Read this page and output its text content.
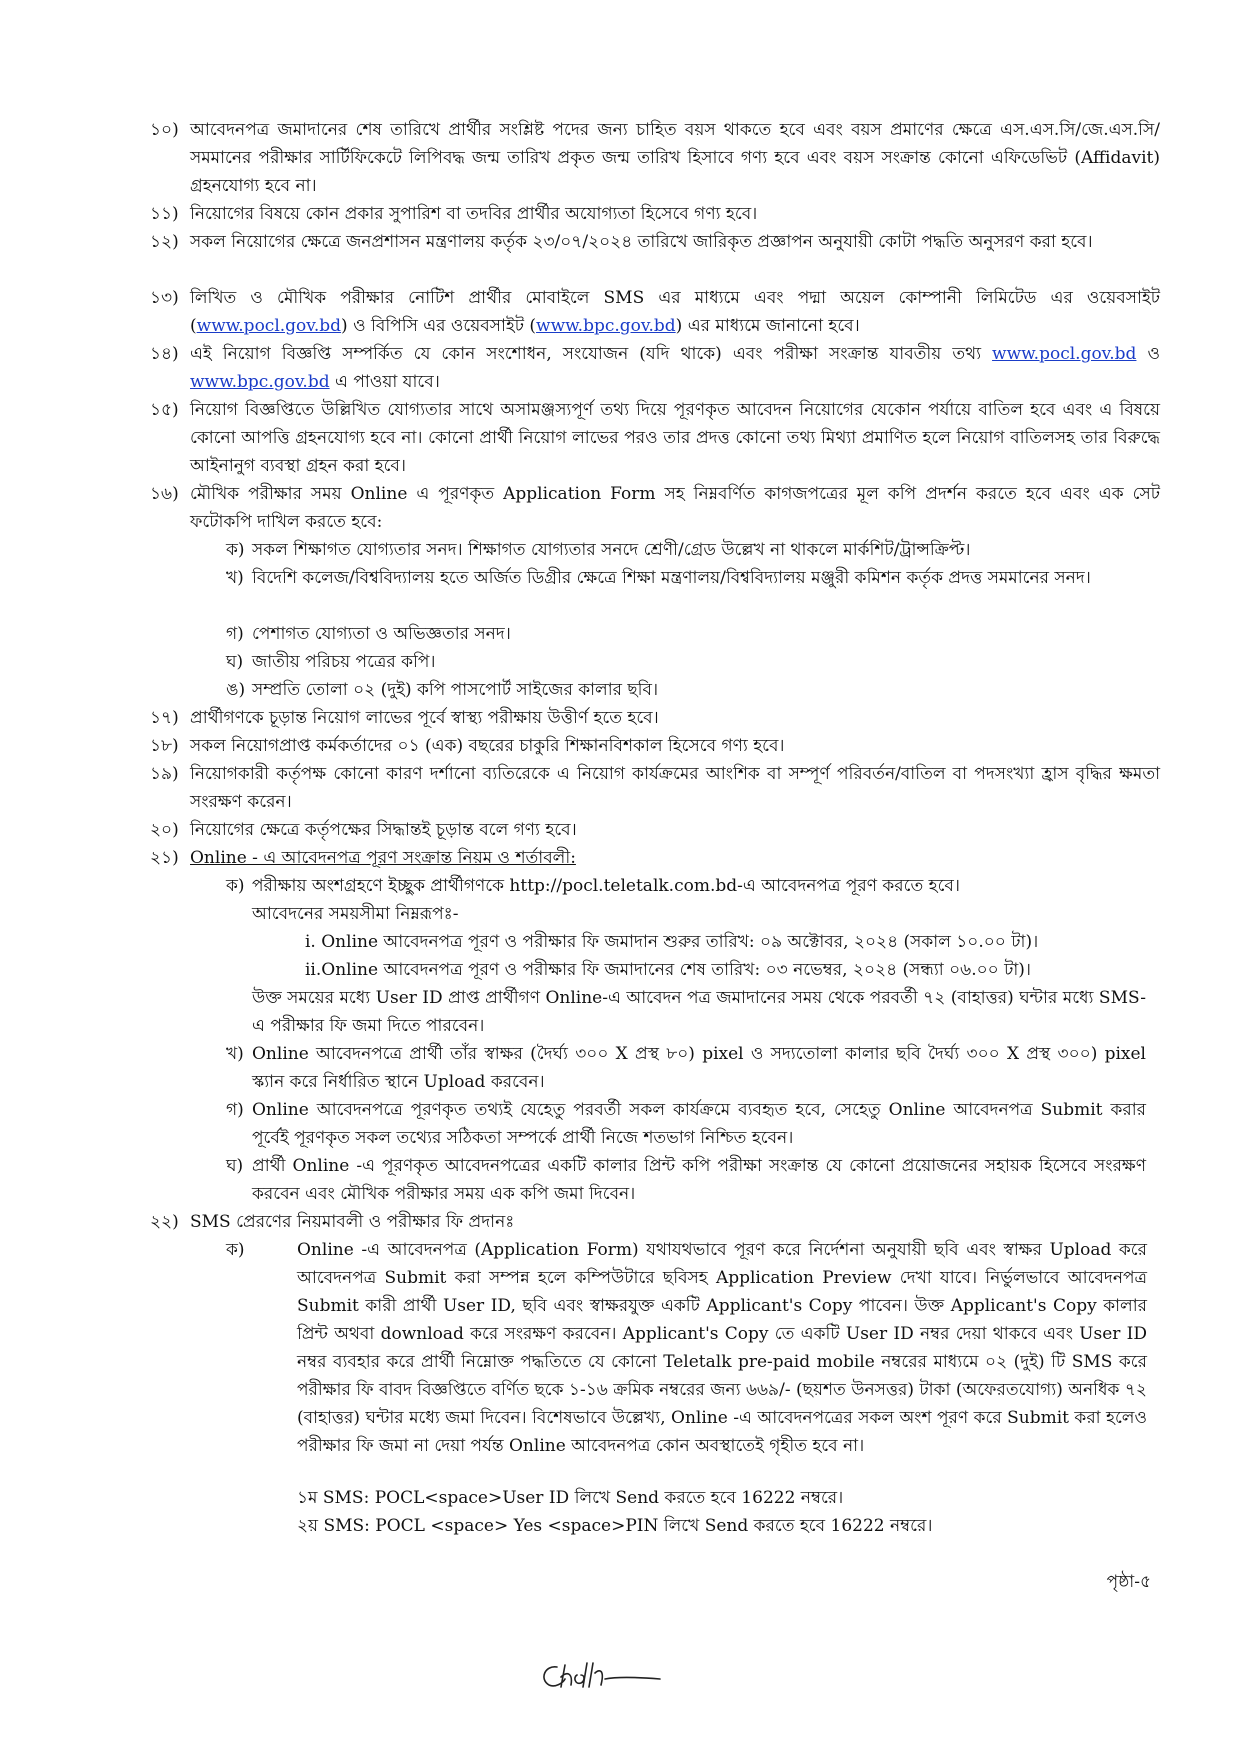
১০) আবেদনপত্র জমাদানের শেষ তারিখে প্রার্থীর সংশ্লিষ্ট পদের জন্য চাহিত বয়স থাকতে হবে এবং বয়স প্রমাণের ক্ষেত্রে এস.এস.সি/জে.এস.সি/সমমানের পরীক্ষার সার্টিফিকেটে লিপিবদ্ধ জন্ম তারিখ প্রকৃত জন্ম তারিখ হিসাবে গণ্য হবে এবং বয়স সংক্রান্ত কোনো এফিডেভিট (Affidavit) গ্রহনযোগ্য হবে না।
১১) নিয়োগের বিষয়ে কোন প্রকার সুপারিশ বা তদবির প্রার্থীর অযোগ্যতা হিসেবে গণ্য হবে।
১২) সকল নিয়োগের ক্ষেত্রে জনপ্রশাসন মন্ত্রণালয় কর্তৃক ২৩/০৭/২০২৪ তারিখে জারিকৃত প্রজ্ঞাপন অনুযায়ী কোটা পদ্ধতি অনুসরণ করা হবে।
১৩) লিখিত ও মৌখিক পরীক্ষার নোটিশ প্রার্থীর মোবাইলে SMS এর মাধ্যমে এবং পদ্মা অয়েল কোম্পানী লিমিটেড এর ওয়েবসাইট (www.pocl.gov.bd) ও বিপিসি এর ওয়েবসাইট (www.bpc.gov.bd) এর মাধ্যমে জানানো হবে।
১৪) এই নিয়োগ বিজ্ঞপ্তি সম্পর্কিত যে কোন সংশোধন, সংযোজন (যদি থাকে) এবং পরীক্ষা সংক্রান্ত যাবতীয় তথ্য www.pocl.gov.bd ও www.bpc.gov.bd এ পাওয়া যাবে।
১৫) নিয়োগ বিজ্ঞপ্তিতে উল্লিখিত যোগ্যতার সাথে অসামঞ্জস্যপূর্ণ তথ্য দিয়ে পূরণকৃত আবেদন নিয়োগের যেকোন পর্যায়ে বাতিল হবে এবং এ বিষয়ে কোনো আপত্তি গ্রহনযোগ্য হবে না। কোনো প্রার্থী নিয়োগ লাভের পরও তার প্রদত্ত কোনো তথ্য মিথ্যা প্রমাণিত হলে নিয়োগ বাতিলসহ তার বিরুদ্ধে আইনানুগ ব্যবস্থা গ্রহন করা হবে।
১৬) মৌখিক পরীক্ষার সময় Online এ পূরণকৃত Application Form সহ নিম্নবর্ণিত কাগজপত্রের মূল কপি প্রদর্শন করতে হবে এবং এক সেট ফটোকপি দাখিল করতে হবে:
ক) সকল শিক্ষাগত যোগ্যতার সনদ। শিক্ষাগত যোগ্যতার সনদে শ্রেণী/গ্রেড উল্লেখ না থাকলে মার্কশিট/ট্রান্সক্রিপ্ট।
খ) বিদেশি কলেজ/বিশ্ববিদ্যালয় হতে অর্জিত ডিগ্রীর ক্ষেত্রে শিক্ষা মন্ত্রণালয়/বিশ্ববিদ্যালয় মঞ্জুরী কমিশন কর্তৃক প্রদত্ত সমমানের সনদ।
গ) পেশাগত যোগ্যতা ও অভিজ্ঞতার সনদ।
ঘ) জাতীয় পরিচয় পত্রের কপি।
ঙ) সম্প্রতি তোলা ০২ (দুই) কপি পাসপোর্ট সাইজের কালার ছবি।
১৭) প্রার্থীগণকে চূড়ান্ত নিয়োগ লাভের পূর্বে স্বাস্থ্য পরীক্ষায় উত্তীর্ণ হতে হবে।
১৮) সকল নিয়োগপ্রাপ্ত কর্মকর্তাদের ০১ (এক) বছরের চাকুরি শিক্ষানবিশকাল হিসেবে গণ্য হবে।
১৯) নিয়োগকারী কর্তৃপক্ষ কোনো কারণ দর্শানো ব্যতিরেকে এ নিয়োগ কার্যক্রমের আংশিক বা সম্পূর্ণ পরিবর্তন/বাতিল বা পদসংখ্যা হ্রাস বৃদ্ধির ক্ষমতা সংরক্ষণ করেন।
২০) নিয়োগের ক্ষেত্রে কর্তৃপক্ষের সিদ্ধান্তই চূড়ান্ত বলে গণ্য হবে।
২১) Online - এ আবেদনপত্র পূরণ সংক্রান্ত নিয়ম ও শর্তাবলী:
ক) পরীক্ষায় অংশগ্রহণে ইচ্ছুক প্রার্থীগণকে http://pocl.teletalk.com.bd-এ আবেদনপত্র পূরণ করতে হবে।
আবেদনের সময়সীমা নিম্নরূপঃ-
i. Online আবেদনপত্র পূরণ ও পরীক্ষার ফি জমাদান শুরুর তারিখ: ০৯ অক্টোবর, ২০২৪ (সকাল ১০.০০ টা)।
ii.Online আবেদনপত্র পূরণ ও পরীক্ষার ফি জমাদানের শেষ তারিখ: ০৩ নভেম্বর, ২০২৪ (সন্ধ্যা ০৬.০০ টা)।
উক্ত সময়ের মধ্যে User ID প্রাপ্ত প্রার্থীগণ Online-এ আবেদন পত্র জমাদানের সময় থেকে পরবর্তী ৭২ (বাহাত্তর) ঘন্টার মধ্যে SMS-এ পরীক্ষার ফি জমা দিতে পারবেন।
খ) Online আবেদনপত্রে প্রার্থী তাঁর স্বাক্ষর (দৈর্ঘ্য ৩০০ X প্রস্থ ৮০) pixel ও সদ্যতোলা কালার ছবি দৈর্ঘ্য ৩০০ X প্রস্থ ৩০০) pixel স্ক্যান করে নির্ধারিত স্থানে Upload করবেন।
গ) Online আবেদনপত্রে পূরণকৃত তথ্যই যেহেতু পরবর্তী সকল কার্যক্রমে ব্যবহৃত হবে, সেহেতু Online আবেদনপত্র Submit করার পূর্বেই পূরণকৃত সকল তথ্যের সঠিকতা সম্পর্কে প্রার্থী নিজে শতভাগ নিশ্চিত হবেন।
ঘ) প্রার্থী Online -এ পূরণকৃত আবেদনপত্রের একটি কালার প্রিন্ট কপি পরীক্ষা সংক্রান্ত যে কোনো প্রয়োজনের সহায়ক হিসেবে সংরক্ষণ করবেন এবং মৌখিক পরীক্ষার সময় এক কপি জমা দিবেন।
২২) SMS প্রেরণের নিয়মাবলী ও পরীক্ষার ফি প্রদানঃ
ক)	Online -এ আবেদনপত্র (Application Form) যথাযথভাবে পূরণ করে নির্দেশনা অনুযায়ী ছবি এবং স্বাক্ষর Upload করে আবেদনপত্র Submit করা সম্পন্ন হলে কম্পিউটারে ছবিসহ Application Preview দেখা যাবে। নির্ভুলভাবে আবেদনপত্র Submit কারী প্রার্থী User ID, ছবি এবং স্বাক্ষরযুক্ত একটি Applicant's Copy পাবেন। উক্ত Applicant's Copy কালার প্রিন্ট অথবা download করে সংরক্ষণ করবেন। Applicant's Copy তে একটি User ID নম্বর দেয়া থাকবে এবং User ID নম্বর ব্যবহার করে প্রার্থী নিম্নোক্ত পদ্ধতিতে যে কোনো Teletalk pre-paid mobile নম্বরের মাধ্যমে ০২ (দুই) টি SMS করে পরীক্ষার ফি বাবদ বিজ্ঞপ্তিতে বর্ণিত ছকে ১-১৬ ক্রমিক নম্বরের জন্য ৬৬৯/- (ছয়শত উনসত্তর) টাকা (অফেরতযোগ্য) অনধিক ৭২ (বাহাত্তর) ঘন্টার মধ্যে জমা দিবেন। বিশেষভাবে উল্লেখ্য, Online -এ আবেদনপত্রের সকল অংশ পূরণ করে Submit করা হলেও পরীক্ষার ফি জমা না দেয়া পর্যন্ত Online আবেদনপত্র কোন অবস্থাতেই গৃহীত হবে না।
১ম SMS: POCL<space>User ID লিখে Send করতে হবে 16222 নম্বরে।
২য় SMS: POCL <space> Yes <space>PIN লিখে Send করতে হবে 16222 নম্বরে।
পৃষ্ঠা-৫
